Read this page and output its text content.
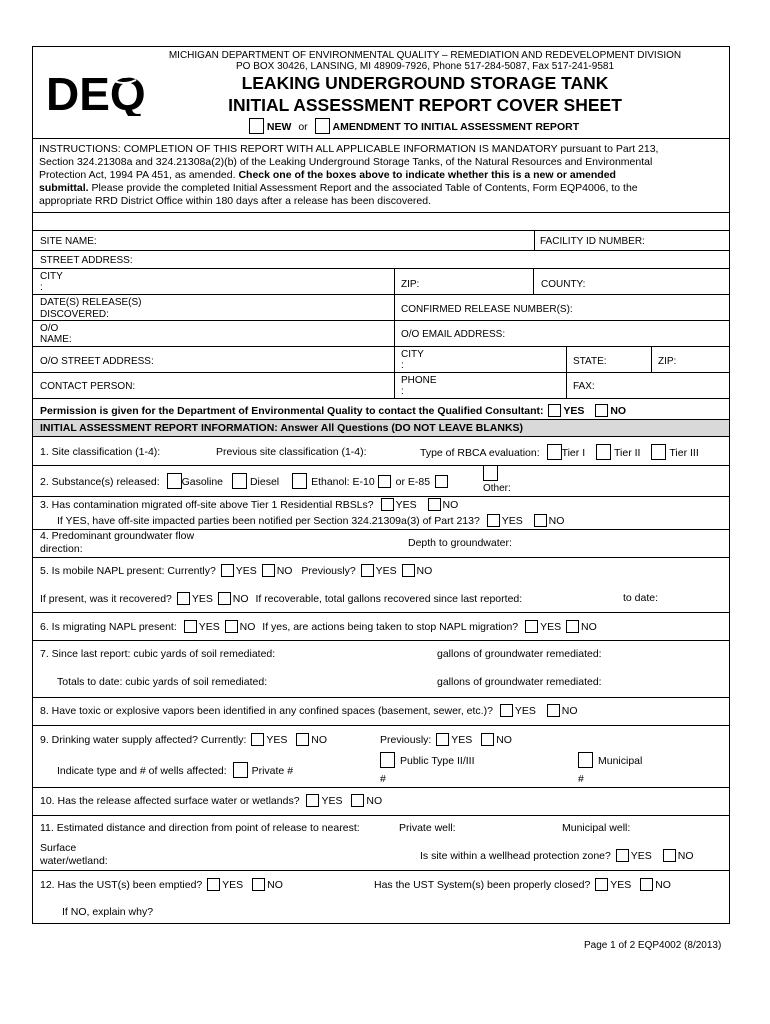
DEQ
MICHIGAN DEPARTMENT OF ENVIRONMENTAL QUALITY – REMEDIATION AND REDEVELOPMENT DIVISION
PO BOX 30426, LANSING, MI 48909-7926, Phone 517-284-5087, Fax 517-241-9581
LEAKING UNDERGROUND STORAGE TANK
INITIAL ASSESSMENT REPORT COVER SHEET
NEW or AMENDMENT TO INITIAL ASSESSMENT REPORT
INSTRUCTIONS: COMPLETION OF THIS REPORT WITH ALL APPLICABLE INFORMATION IS MANDATORY pursuant to Part 213,
Section 324.21308a and 324.21308a(2)(b) of the Leaking Underground Storage Tanks, of the Natural Resources and Environmental
Protection Act, 1994 PA 451, as amended. Check one of the boxes above to indicate whether this is a new or amended
submittal. Please provide the completed Initial Assessment Report and the associated Table of Contents, Form EQP4006, to the
appropriate RRD District Office within 180 days after a release has been discovered.
SITE NAME:	FACILITY ID NUMBER:
STREET ADDRESS:
CITY
:	ZIP:	COUNTY:
DATE(S) RELEASE(S)
DISCOVERED:	CONFIRMED RELEASE NUMBER(S):
O/O
NAME:	O/O EMAIL ADDRESS:
O/O STREET ADDRESS:
CITY
:	STATE:	ZIP:
CONTACT PERSON:
PHONE
:	FAX:
Permission is given for the Department of Environmental Quality to contact the Qualified Consultant: YES NO
INITIAL ASSESSMENT REPORT INFORMATION: Answer All Questions (DO NOT LEAVE BLANKS)
1. Site classification (1-4):	Previous site classification (1-4):	Type of RBCA evaluation: Tier I	Tier II	Tier III
2. Substance(s) released: Gasoline	Diesel	Ethanol: E-10 or E-85
Other:
3. Has contamination migrated off-site above Tier 1 Residential RBSLs? YES NO
If YES, have off-site impacted parties been notified per Section 324.21309a(3) of Part 213? YES NO
4. Predominant groundwater flow
direction:	Depth to groundwater:
5. Is mobile NAPL present: Currently? YES NO Previously? YES NO
If present, was it recovered? YES NO If recoverable, total gallons recovered since last reported:	to date:
6. Is migrating NAPL present: YES NO If yes, are actions being taken to stop NAPL migration? YES NO
7. Since last report: cubic yards of soil remediated:	gallons of groundwater remediated:
Totals to date: cubic yards of soil remediated:	gallons of groundwater remediated:
8. Have toxic or explosive vapors been identified in any confined spaces (basement, sewer, etc.)? YES NO
9. Drinking water supply affected? Currently: YES NO	Previously: YES NO
Indicate type and # of wells affected: Private #
Public Type II/III
#
Municipal
#
10. Has the release affected surface water or wetlands? YES NO
11. Estimated distance and direction from point of release to nearest:	Private well:	Municipal well:
Surface
water/wetland:	Is site within a wellhead protection zone? YES NO
12. Has the UST(s) been emptied? YES NO	Has the UST System(s) been properly closed? YES NO
If NO, explain why?
Page 1 of 2 EQP4002 (8/2013)
